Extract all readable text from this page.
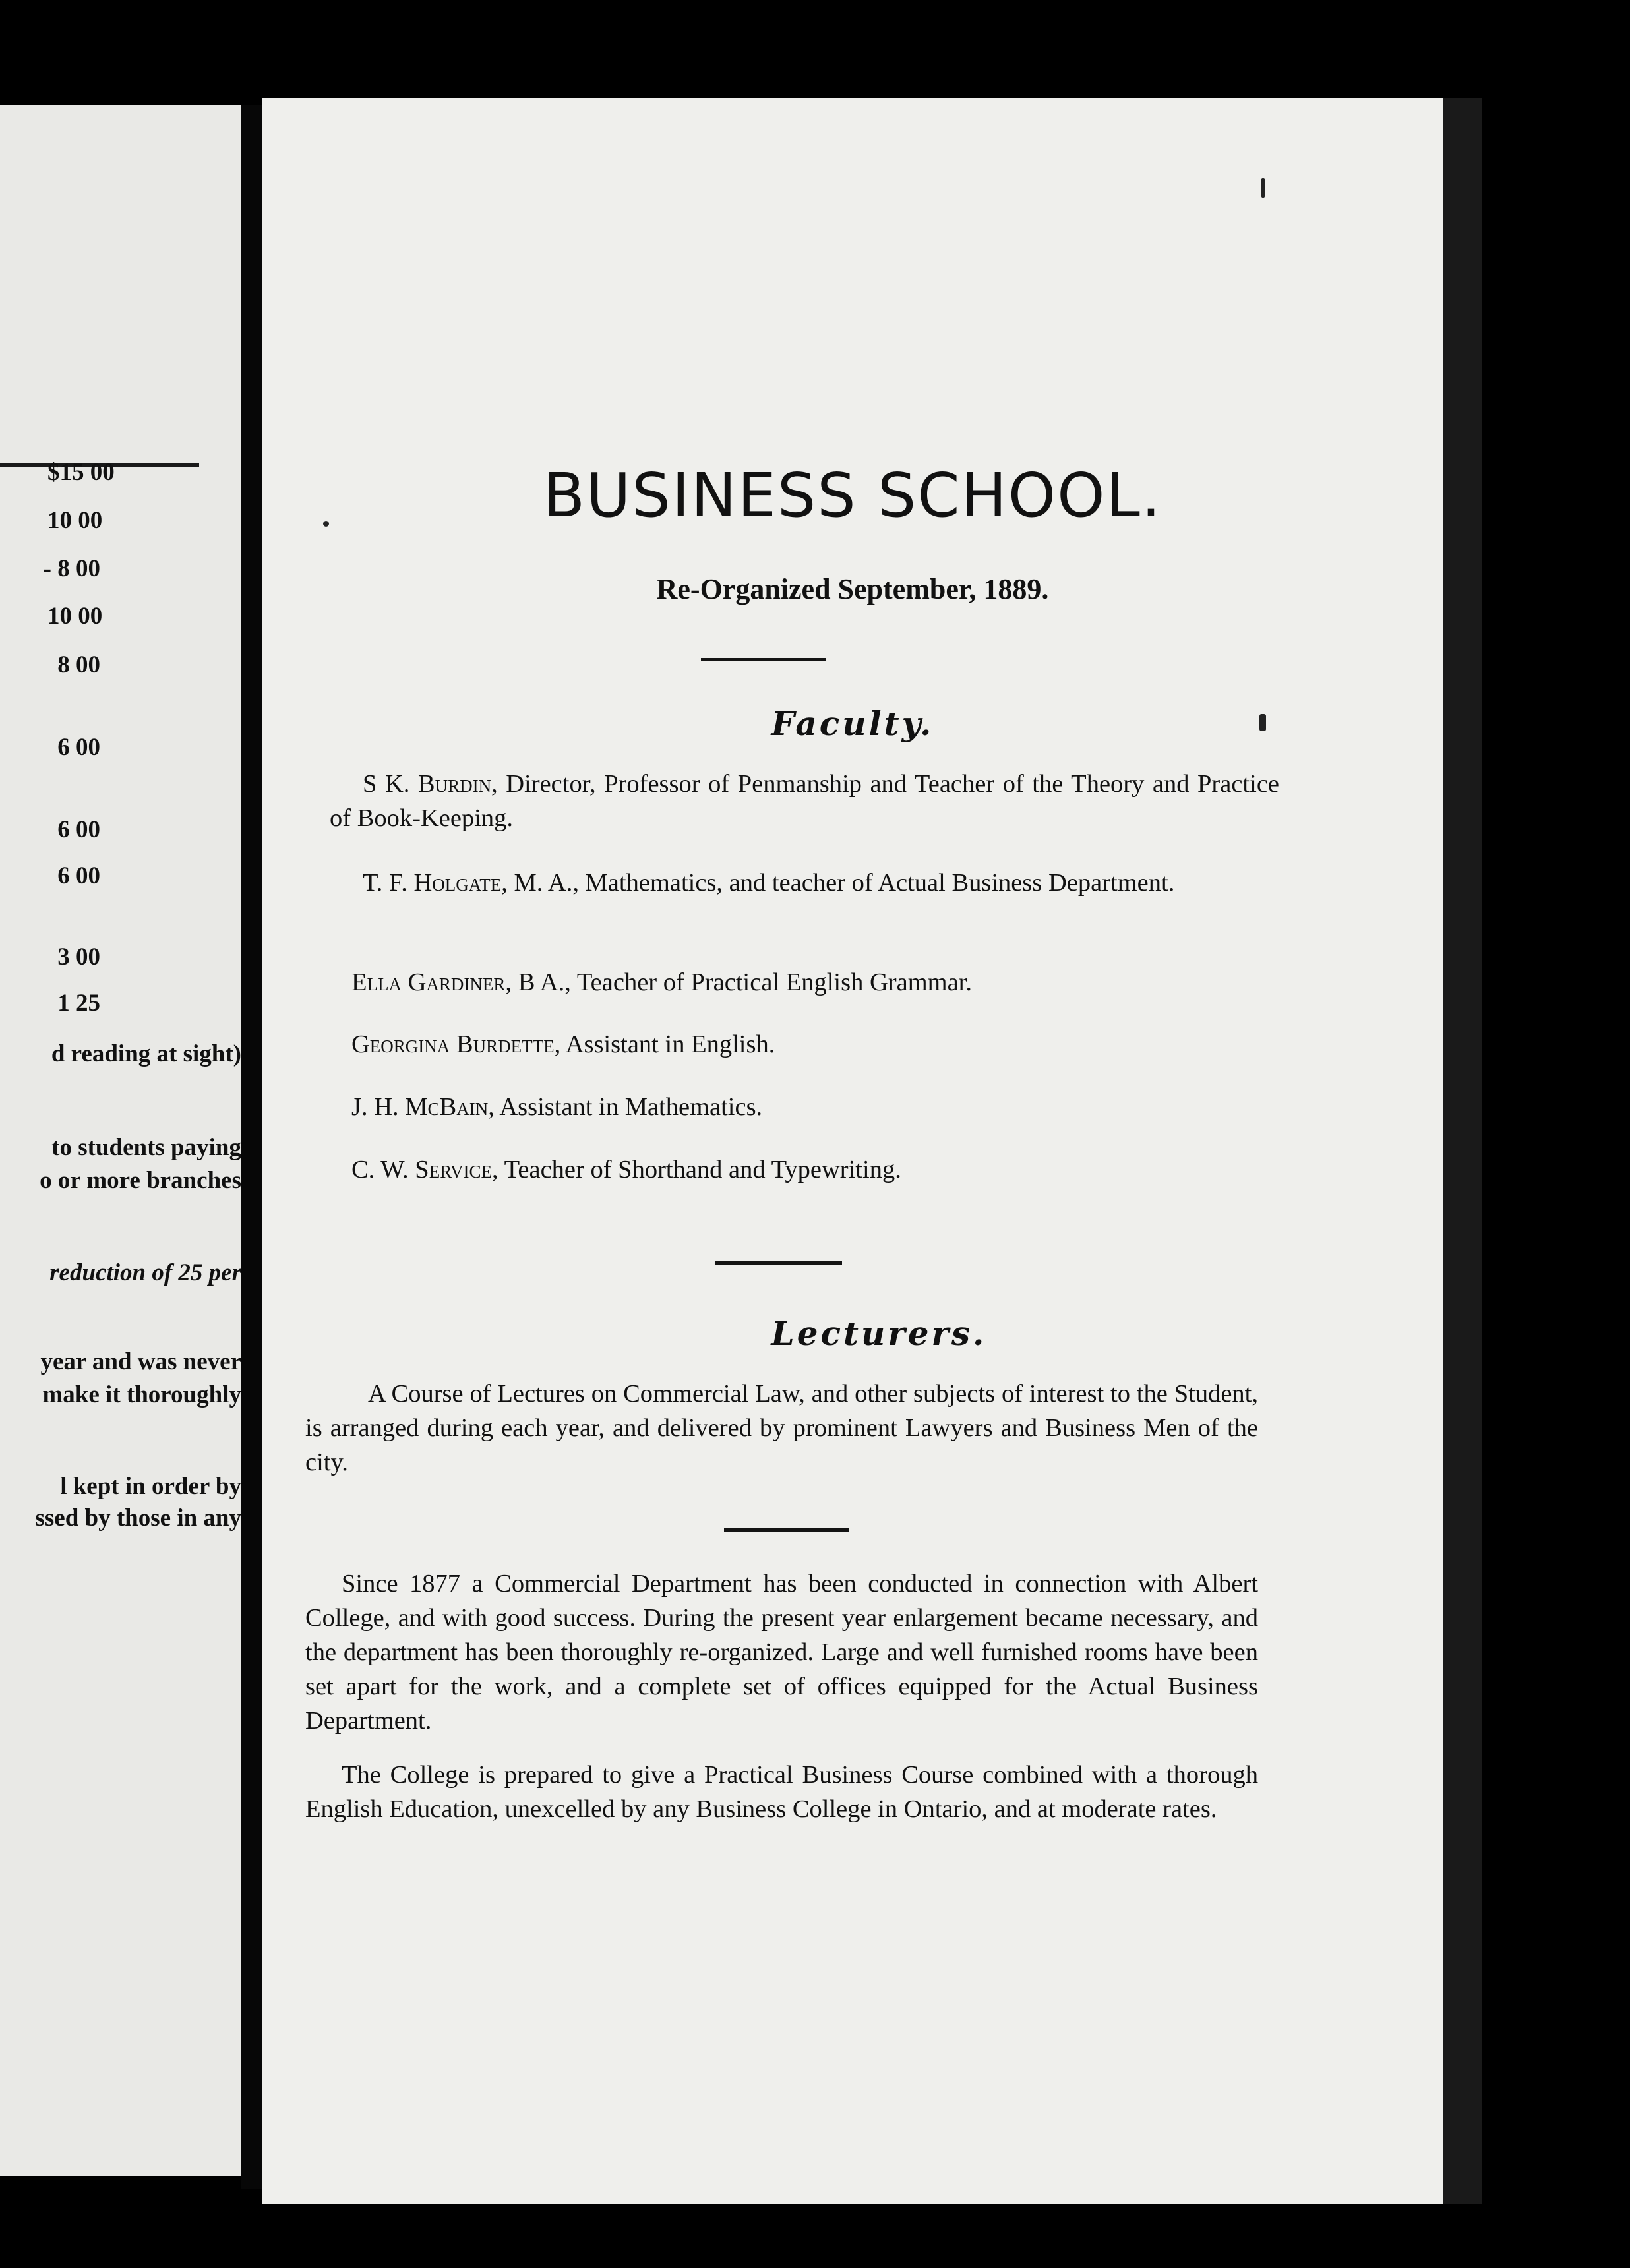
$15 00
10 00
- 8 00
10 00
8 00
6 00
6 00
6 00
3 00
1 25
d reading at sight)
to students paying
o or more branches
reduction of 25 per
year and was never
make it thoroughly
l kept in order by
ssed by those in any
BUSINESS SCHOOL.
Re-Organized September, 1889.
Faculty.
S K. Burdin, Director, Professor of Penmanship and Teacher of the Theory and Practice of Book-Keeping.
T. F. Holgate, M. A., Mathematics, and teacher of Actual Business Department.
Ella Gardiner, B A., Teacher of Practical English Grammar.
Georgina Burdette, Assistant in English.
J. H. McBain, Assistant in Mathematics.
C. W. Service, Teacher of Shorthand and Typewriting.
Lecturers.
A Course of Lectures on Commercial Law, and other subjects of interest to the Student, is arranged during each year, and delivered by prominent Lawyers and Business Men of the city.
Since 1877 a Commercial Department has been conducted in connection with Albert College, and with good success. During the present year enlargement became necessary, and the department has been thoroughly re-organized. Large and well furnished rooms have been set apart for the work, and a complete set of offices equipped for the Actual Business Department.
The College is prepared to give a Practical Business Course combined with a thorough English Education, unexcelled by any Business College in Ontario, and at moderate rates.
